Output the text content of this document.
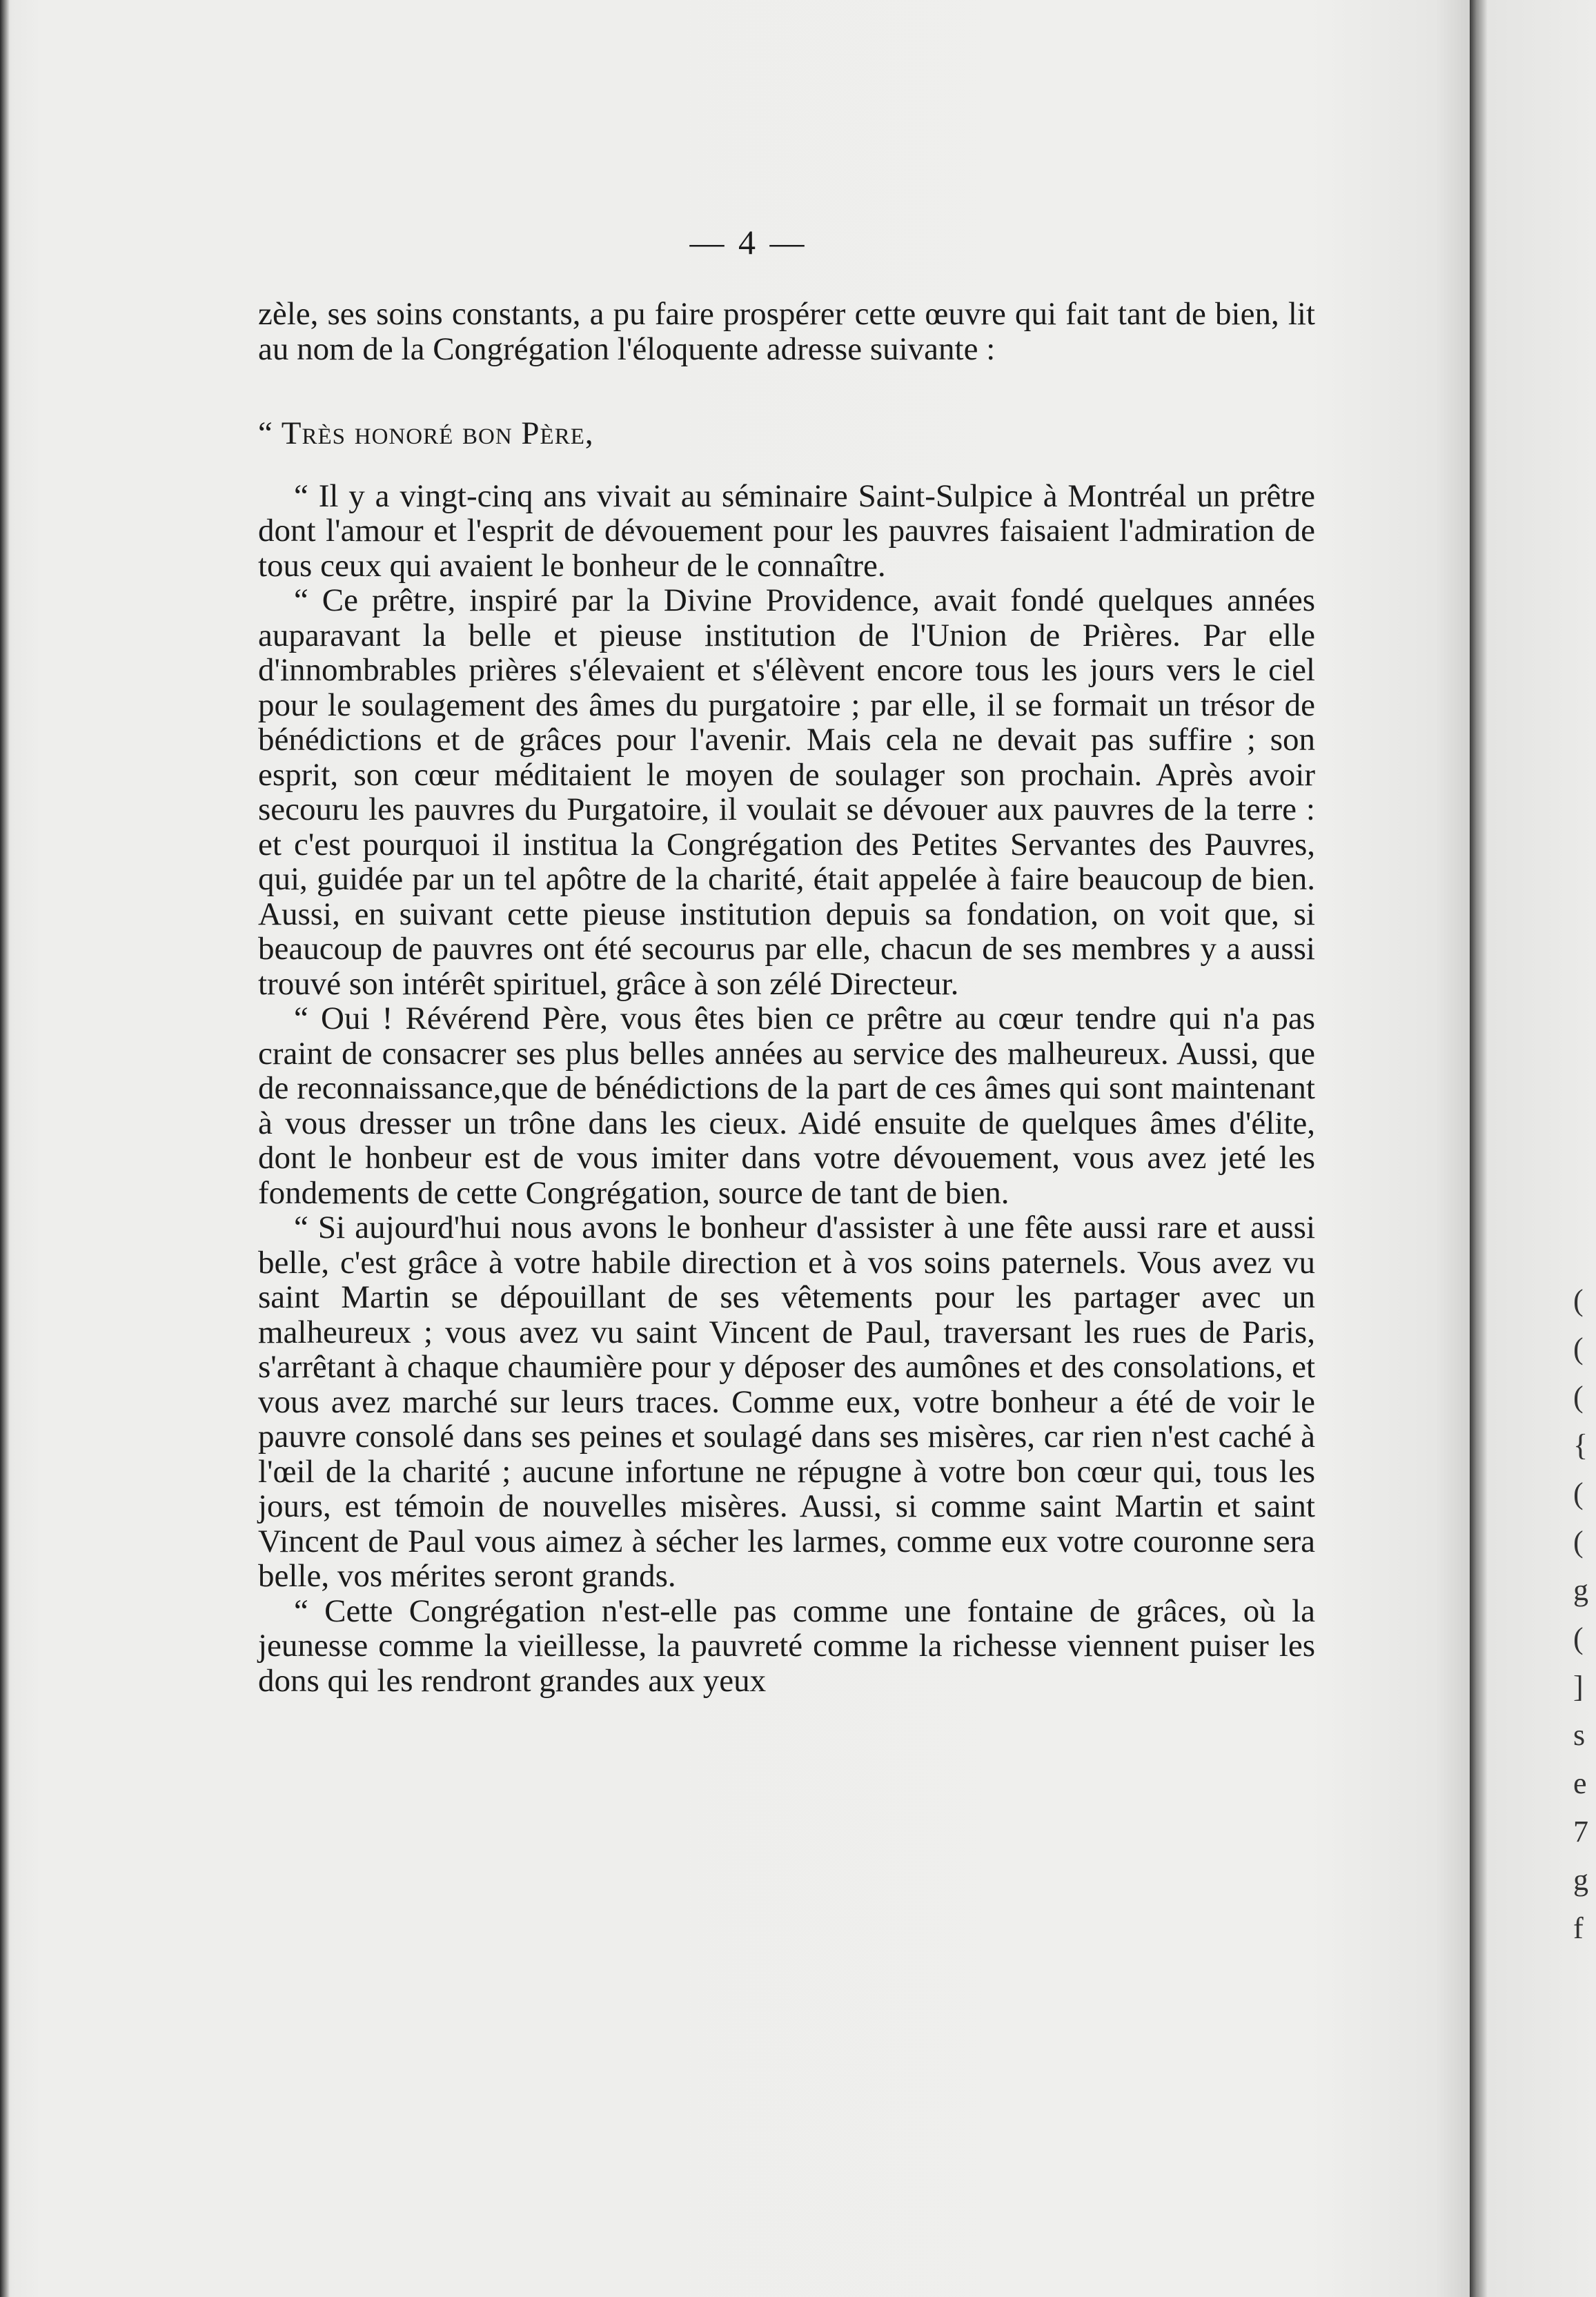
— 4 —

zèle, ses soins constants, a pu faire prospérer cette œuvre qui fait tant de bien, lit au nom de la Congrégation l'éloquente adresse suivante :

“ Très honoré bon Père,

“ Il y a vingt-cinq ans vivait au séminaire Saint-Sulpice à Montréal un prêtre dont l'amour et l'esprit de dévouement pour les pauvres faisaient l'admiration de tous ceux qui avaient le bonheur de le connaître.

“ Ce prêtre, inspiré par la Divine Providence, avait fondé quelques années auparavant la belle et pieuse institution de l'Union de Prières. Par elle d'innombrables prières s'élevaient et s'élèvent encore tous les jours vers le ciel pour le soulagement des âmes du purgatoire ; par elle, il se formait un trésor de bénédictions et de grâces pour l'avenir. Mais cela ne devait pas suffire ; son esprit, son cœur méditaient le moyen de soulager son prochain. Après avoir secouru les pauvres du Purgatoire, il voulait se dévouer aux pauvres de la terre : et c'est pourquoi il institua la Congrégation des Petites Servantes des Pauvres, qui, guidée par un tel apôtre de la charité, était appelée à faire beaucoup de bien. Aussi, en suivant cette pieuse institution depuis sa fondation, on voit que, si beaucoup de pauvres ont été secourus par elle, chacun de ses membres y a aussi trouvé son intérêt spirituel, grâce à son zélé Directeur.

“ Oui ! Révérend Père, vous êtes bien ce prêtre au cœur tendre qui n'a pas craint de consacrer ses plus belles années au service des malheureux. Aussi, que de reconnaissance,que de bénédictions de la part de ces âmes qui sont maintenant à vous dresser un trône dans les cieux. Aidé ensuite de quelques âmes d'élite, dont le honbeur est de vous imiter dans votre dévouement, vous avez jeté les fondements de cette Congrégation, source de tant de bien.

“ Si aujourd'hui nous avons le bonheur d'assister à une fête aussi rare et aussi belle, c'est grâce à votre habile direction et à vos soins paternels. Vous avez vu saint Martin se dépouillant de ses vêtements pour les partager avec un malheureux ; vous avez vu saint Vincent de Paul, traversant les rues de Paris, s'arrêtant à chaque chaumière pour y déposer des aumônes et des consolations, et vous avez marché sur leurs traces. Comme eux, votre bonheur a été de voir le pauvre consolé dans ses peines et soulagé dans ses misères, car rien n'est caché à l'œil de la charité ; aucune infortune ne répugne à votre bon cœur qui, tous les jours, est témoin de nouvelles misères. Aussi, si comme saint Martin et saint Vincent de Paul vous aimez à sécher les larmes, comme eux votre couronne sera belle, vos mérites seront grands.

“ Cette Congrégation n'est-elle pas comme une fontaine de grâces, où la jeunesse comme la vieillesse, la pauvreté comme la richesse viennent puiser les dons qui les rendront grandes aux yeux

(
(
(
{
(
(
g
(
]
s
e
7
g
f
